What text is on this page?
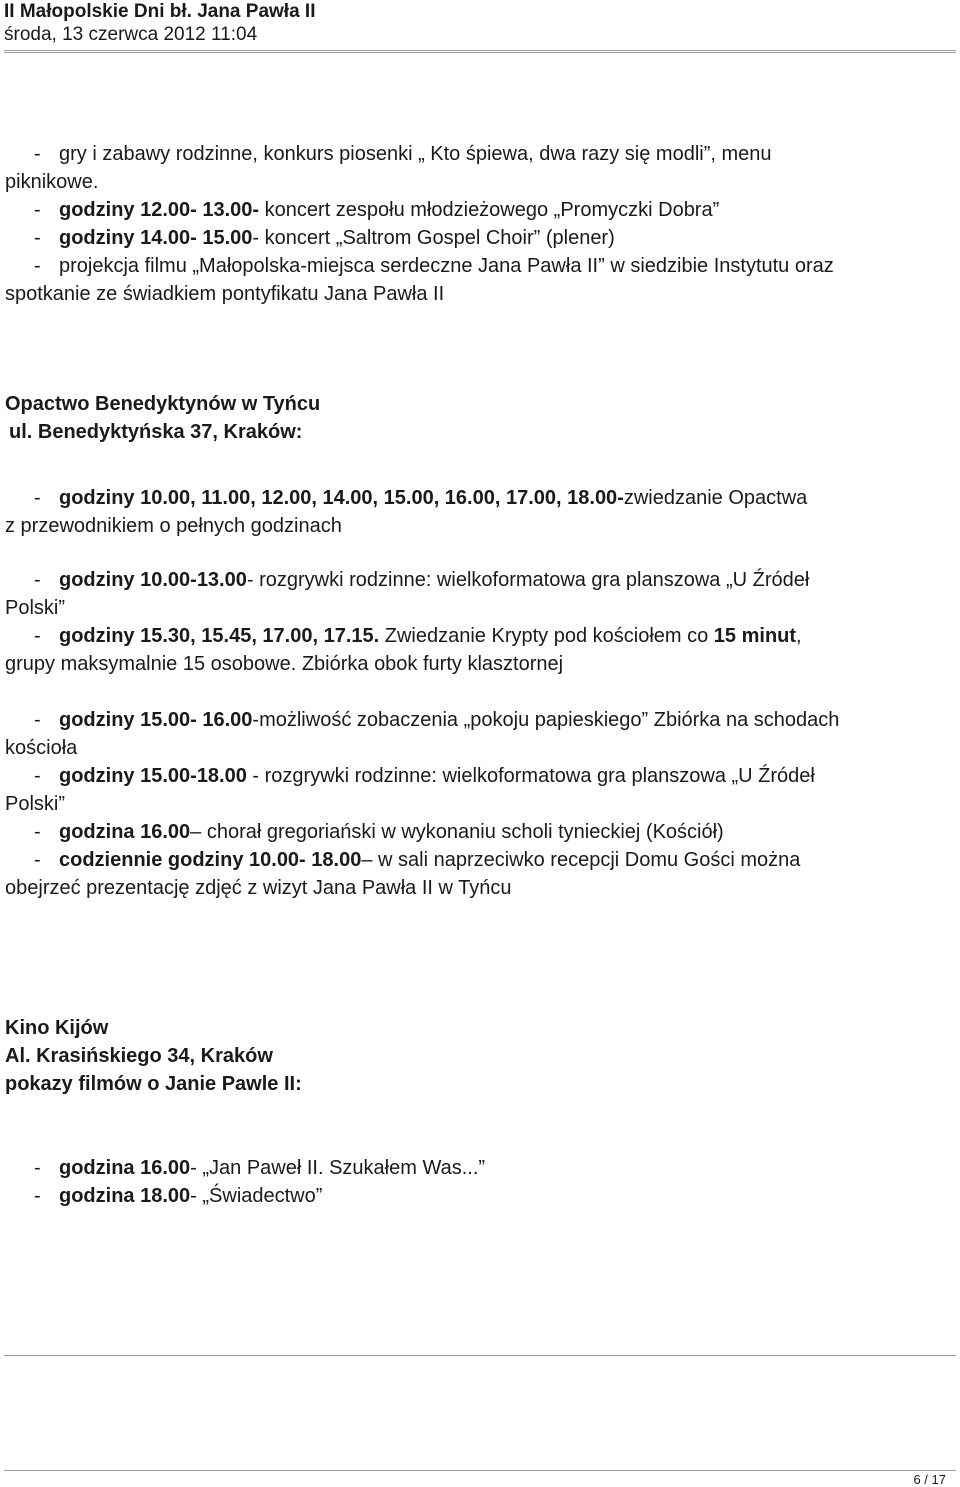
II Małopolskie Dni bł. Jana Pawła II
środa, 13 czerwca 2012 11:04

- gry i zabawy rodzinne, konkurs piosenki „ Kto śpiewa, dwa razy się modli”, menu

piknikowe.

- godziny 12.00- 13.00- koncert zespołu młodzieżowego „Promyczki Dobra”

- godziny 14.00- 15.00- koncert „Saltrom Gospel Choir” (plener)

- projekcja filmu „Małopolska-miejsca serdeczne Jana Pawła II” w siedzibie Instytutu oraz

spotkanie ze świadkiem pontyfikatu Jana Pawła II

Opactwo Benedyktynów w Tyńcu

ul. Benedyktyńska 37, Kraków:

- godziny 10.00, 11.00, 12.00, 14.00, 15.00, 16.00, 17.00, 18.00-zwiedzanie Opactwa

z przewodnikiem o pełnych godzinach

- godziny 10.00-13.00- rozgrywki rodzinne: wielkoformatowa gra planszowa „U Źródeł

Polski”

- godziny 15.30, 15.45, 17.00, 17.15. Zwiedzanie Krypty pod kościołem co 15 minut,

grupy maksymalnie 15 osobowe. Zbiórka obok furty klasztornej

- godziny 15.00- 16.00-możliwość zobaczenia „pokoju papieskiego” Zbiórka na schodach

kościoła

- godziny 15.00-18.00 - rozgrywki rodzinne: wielkoformatowa gra planszowa „U Źródeł

Polski”

- godzina 16.00– chorał gregoriański w wykonaniu scholi tynieckiej (Kościół)

- codziennie godziny 10.00- 18.00– w sali naprzeciwko recepcji Domu Gości można

obejrzeć prezentację zdjęć z wizyt Jana Pawła II w Tyńcu

Kino Kijów

Al. Krasińskiego 34, Kraków

pokazy filmów o Janie Pawle II:

- godzina 16.00- „Jan Paweł II. Szukałem Was...”

- godzina 18.00- „Świadectwo”

6 / 17
